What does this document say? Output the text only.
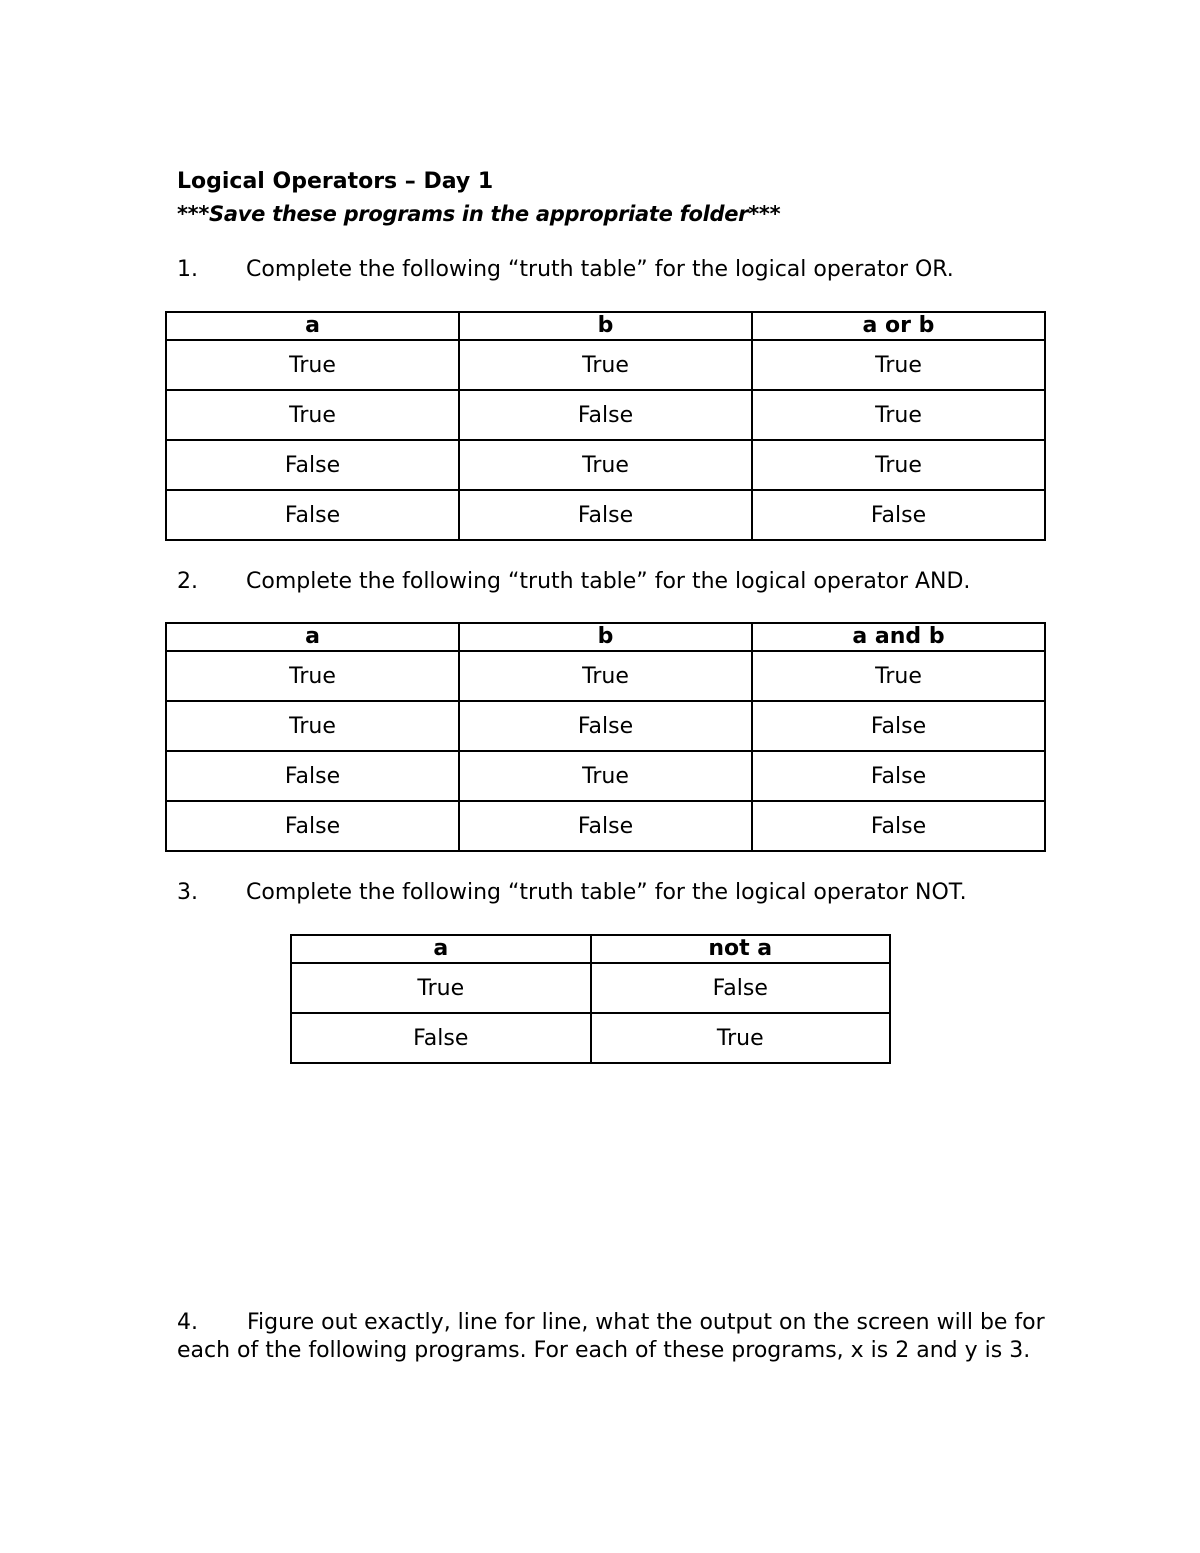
Logical Operators – Day 1
***Save these programs in the appropriate folder***
1. Complete the following “truth table” for the logical operator OR.
a	b	a or b
True	True	True
True	False	True
False	True	True
False	False	False
2. Complete the following “truth table” for the logical operator AND.
a	b	a and b
True	True	True
True	False	False
False	True	False
False	False	False
3. Complete the following “truth table” for the logical operator NOT.
a	not a
True	False
False	True
4. Figure out exactly, line for line, what the output on the screen will be for each of the following programs. For each of these programs, x is 2 and y is 3.
